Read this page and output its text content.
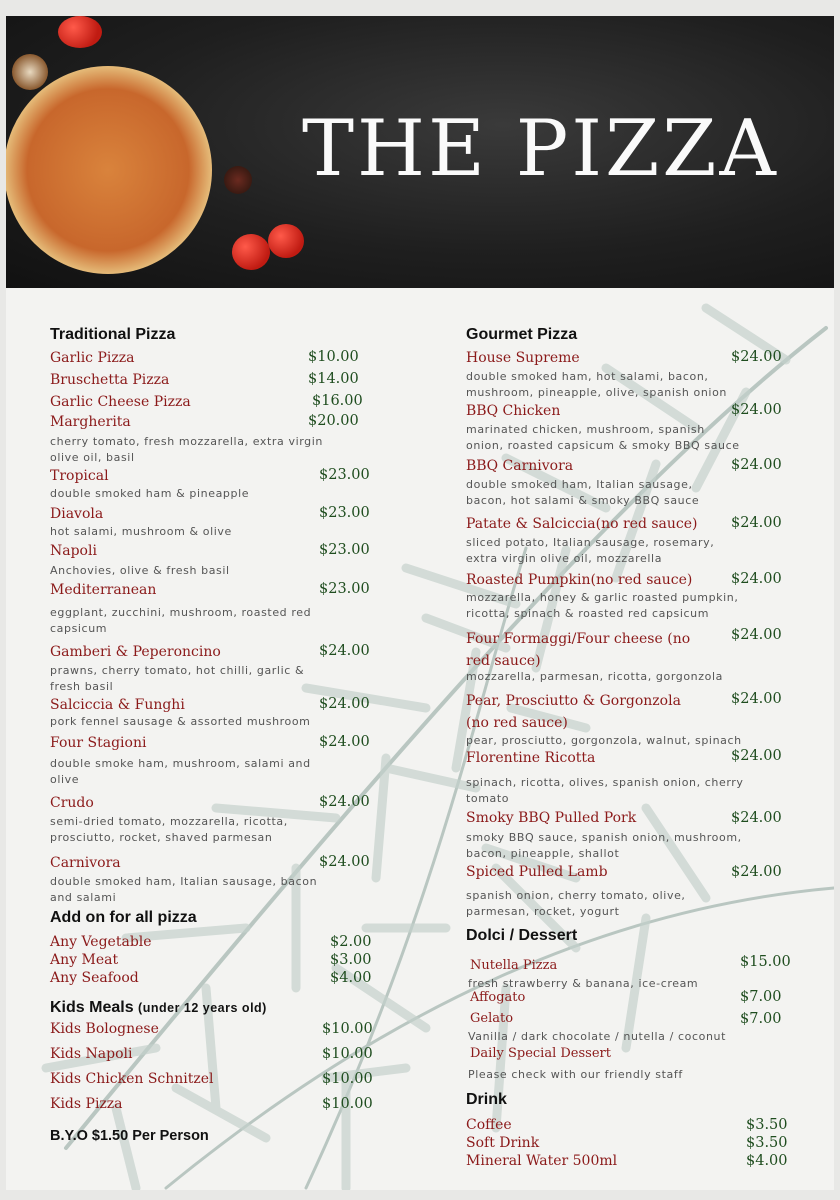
THE PIZZA
Traditional Pizza
Garlic Pizza	$10.00
Bruschetta Pizza	$14.00
Garlic Cheese Pizza	$16.00
Margherita	$20.00
cherry tomato, fresh mozzarella, extra virgin
olive oil, basil
Tropical	$23.00
double smoked ham & pineapple
Diavola	$23.00
hot salami, mushroom & olive
Napoli	$23.00
Anchovies, olive & fresh basil
Mediterranean	$23.00
eggplant, zucchini, mushroom, roasted red
capsicum
Gamberi & Peperoncino	$24.00
prawns, cherry tomato, hot chilli, garlic &
fresh basil
Salciccia & Funghi	$24.00
pork fennel sausage & assorted mushroom
Four Stagioni	$24.00
double smoke ham, mushroom, salami and
olive
Crudo	$24.00
semi-dried tomato, mozzarella, ricotta,
prosciutto, rocket, shaved parmesan
Carnivora	$24.00
double smoked ham, Italian sausage, bacon
and salami
Add on for all pizza
Any Vegetable	$2.00
Any Meat	$3.00
Any Seafood	$4.00
Kids Meals (under 12 years old)
Kids Bolognese	$10.00
Kids Napoli	$10.00
Kids Chicken Schnitzel	$10.00
Kids Pizza	$10.00
B.Y.O $1.50 Per Person
Gourmet Pizza
House Supreme	$24.00
double smoked ham, hot salami, bacon,
mushroom, pineapple, olive, spanish onion
BBQ Chicken	$24.00
marinated chicken, mushroom, spanish
onion, roasted capsicum & smoky BBQ sauce
BBQ Carnivora	$24.00
double smoked ham, Italian sausage,
bacon, hot salami & smoky BBQ sauce
Patate & Salciccia(no red sauce) $24.00
sliced potato, Italian sausage, rosemary,
extra virgin olive oil, mozzarella
Roasted Pumpkin(no red sauce)	$24.00
mozzarella, honey & garlic roasted pumpkin,
ricotta, spinach & roasted red capsicum
Four Formaggi/Four cheese (no
red sauce)
$24.00
mozzarella, parmesan, ricotta, gorgonzola
Pear, Prosciutto & Gorgonzola
(no red sauce)
$24.00
pear, prosciutto, gorgonzola, walnut, spinach
Florentine Ricotta	$24.00
spinach, ricotta, olives, spanish onion, cherry
tomato
Smoky BBQ Pulled Pork	$24.00
smoky BBQ sauce, spanish onion, mushroom,
bacon, pineapple, shallot
Spiced Pulled Lamb	$24.00
spanish onion, cherry tomato, olive,
parmesan, rocket, yogurt
Dolci / Dessert
Nutella Pizza	$15.00
fresh strawberry & banana, ice-cream
Affogato	$7.00
Gelato	$7.00
Vanilla / dark chocolate / nutella / coconut
Daily Special Dessert
Please check with our friendly staff
Drink
Coffee	$3.50
Soft Drink	$3.50
Mineral Water 500ml	$4.00
